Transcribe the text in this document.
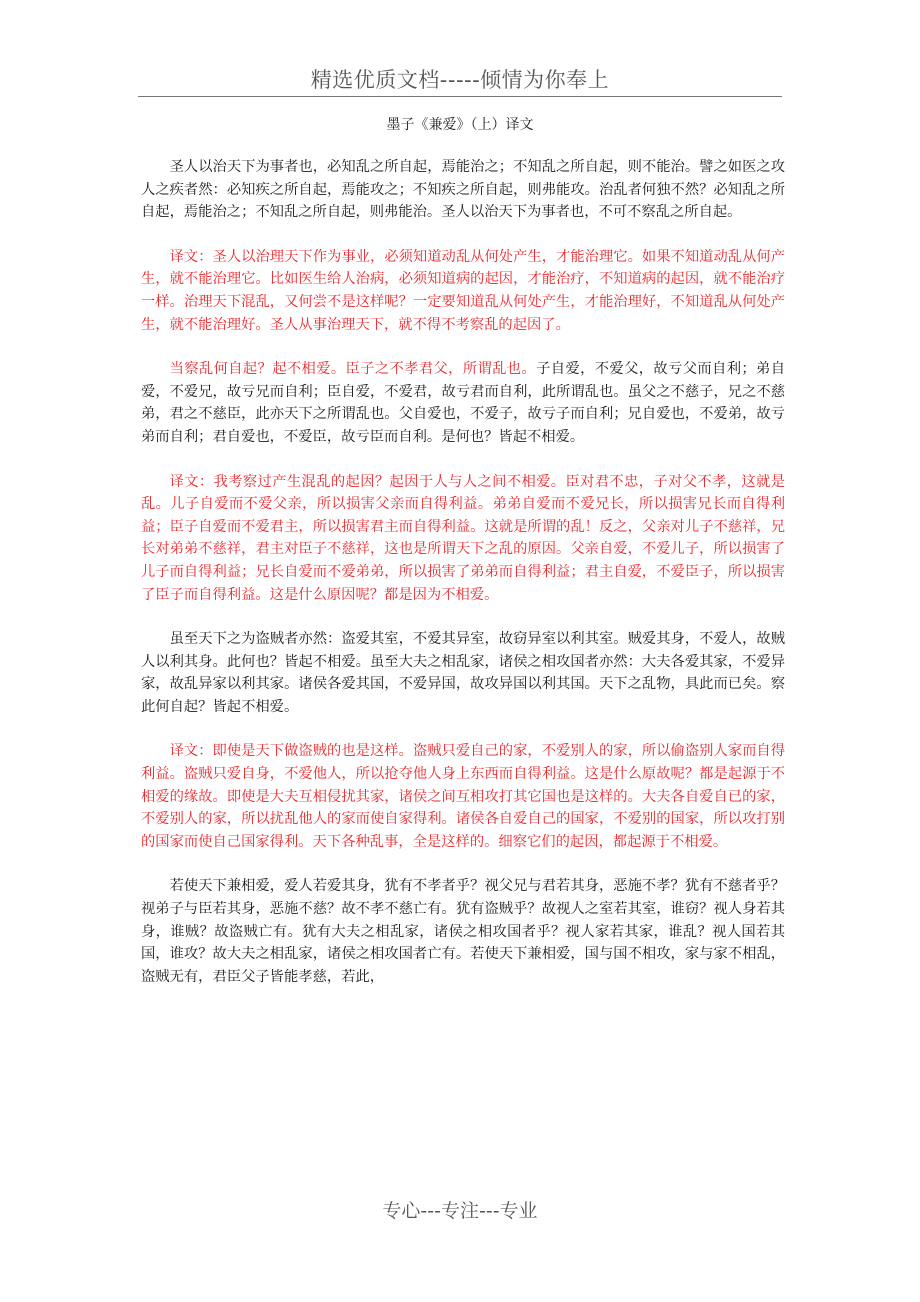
精选优质文档-----倾情为你奉上
墨子《兼爱》（上）译文

圣人以治天下为事者也，必知乱之所自起，焉能治之；不知乱之所自起，则不能治。譬之如医之攻人之疾者然：必知疾之所自起，焉能攻之；不知疾之所自起，则弗能攻。治乱者何独不然？必知乱之所自起，焉能治之；不知乱之所自起，则弗能治。圣人以治天下为事者也，不可不察乱之所自起。

译文：圣人以治理天下作为事业，必须知道动乱从何处产生，才能治理它。如果不知道动乱从何产生，就不能治理它。比如医生给人治病，必须知道病的起因，才能治疗，不知道病的起因，就不能治疗一样。治理天下混乱，又何尝不是这样呢？一定要知道乱从何处产生，才能治理好，不知道乱从何处产生，就不能治理好。圣人从事治理天下，就不得不考察乱的起因了。

当察乱何自起？起不相爱。臣子之不孝君父，所谓乱也。子自爱，不爱父，故亏父而自利；弟自爱，不爱兄，故亏兄而自利；臣自爱，不爱君，故亏君而自利，此所谓乱也。虽父之不慈子，兄之不慈弟，君之不慈臣，此亦天下之所谓乱也。父自爱也，不爱子，故亏子而自利；兄自爱也，不爱弟，故亏弟而自利；君自爱也，不爱臣，故亏臣而自利。是何也？皆起不相爱。

译文：我考察过产生混乱的起因？起因于人与人之间不相爱。臣对君不忠，子对父不孝，这就是乱。儿子自爱而不爱父亲，所以损害父亲而自得利益。弟弟自爱而不爱兄长，所以损害兄长而自得利益；臣子自爱而不爱君主，所以损害君主而自得利益。这就是所谓的乱！反之，父亲对儿子不慈祥，兄长对弟弟不慈祥，君主对臣子不慈祥，这也是所谓天下之乱的原因。父亲自爱，不爱儿子，所以损害了儿子而自得利益；兄长自爱而不爱弟弟，所以损害了弟弟而自得利益；君主自爱，不爱臣子，所以损害了臣子而自得利益。这是什么原因呢？都是因为不相爱。

虽至天下之为盗贼者亦然：盗爱其室，不爱其异室，故窃异室以利其室。贼爱其身，不爱人，故贼人以利其身。此何也？皆起不相爱。虽至大夫之相乱家，诸侯之相攻国者亦然：大夫各爱其家，不爱异家，故乱异家以利其家。诸侯各爱其国，不爱异国，故攻异国以利其国。天下之乱物，具此而已矣。察此何自起？皆起不相爱。

译文：即使是天下做盗贼的也是这样。盗贼只爱自己的家，不爱别人的家，所以偷盗别人家而自得利益。盗贼只爱自身，不爱他人，所以抢夺他人身上东西而自得利益。这是什么原故呢？都是起源于不相爱的缘故。即使是大夫互相侵扰其家，诸侯之间互相攻打其它国也是这样的。大夫各自爱自已的家，不爱别人的家，所以扰乱他人的家而使自家得利。诸侯各自爱自己的国家，不爱别的国家，所以攻打别的国家而使自己国家得利。天下各种乱事，全是这样的。细察它们的起因，都起源于不相爱。

若使天下兼相爱，爱人若爱其身，犹有不孝者乎？视父兄与君若其身，恶施不孝？犹有不慈者乎？视弟子与臣若其身，恶施不慈？故不孝不慈亡有。犹有盗贼乎？故视人之室若其室，谁窃？视人身若其身，谁贼？故盗贼亡有。犹有大夫之相乱家，诸侯之相攻国者乎？视人家若其家，谁乱？视人国若其国，谁攻？故大夫之相乱家，诸侯之相攻国者亡有。若使天下兼相爱，国与国不相攻，家与家不相乱，盗贼无有，君臣父子皆能孝慈，若此，

专心---专注---专业
